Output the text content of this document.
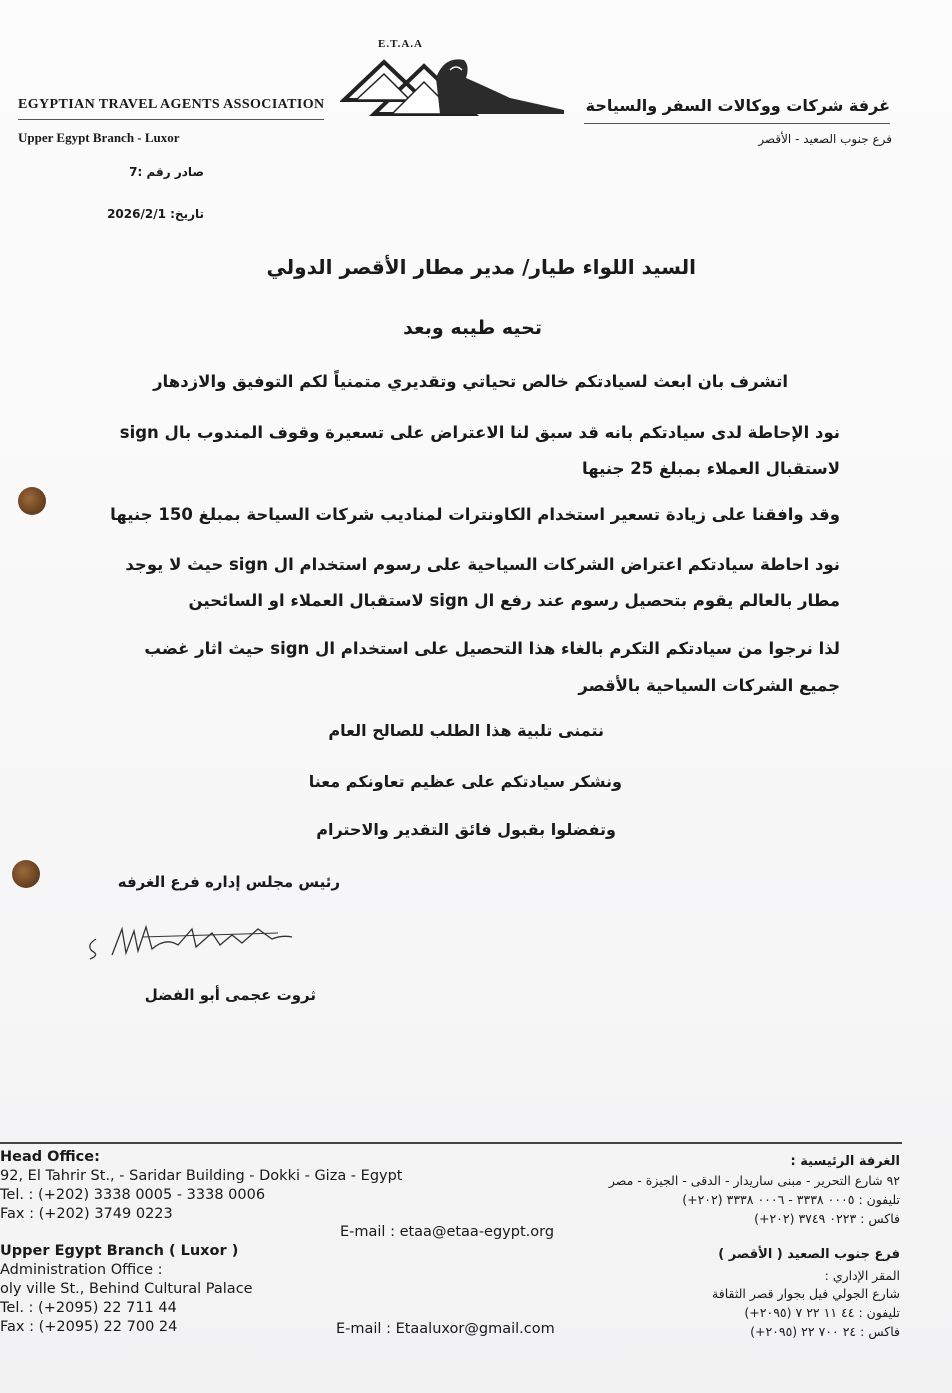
E.T.A.A
EGYPTIAN TRAVEL AGENTS ASSOCIATION
Upper Egypt Branch - Luxor
غرفة شركات ووكالات السفر والسياحة
فرع جنوب الصعيد - الأقصر
صادر رقم :7
تاريخ: 2026/2/1
السيد اللواء طيار/ مدير مطار الأقصر الدولي
تحيه طيبه وبعد
اتشرف بان ابعث لسيادتكم خالص تحياتي وتقديري متمنياً لكم التوفيق والازدهار
نود الإحاطة لدى سيادتكم بانه قد سبق لنا الاعتراض على تسعيرة وقوف المندوب بال sign
لاستقبال العملاء بمبلغ 25 جنيها
وقد وافقنا على زيادة تسعير استخدام الكاونترات لمناديب شركات السياحة بمبلغ 150 جنيها
نود احاطة سيادتكم اعتراض الشركات السياحية على رسوم استخدام ال sign حيث لا يوجد
مطار بالعالم يقوم بتحصيل رسوم عند رفع ال sign لاستقبال العملاء او السائحين
لذا نرجوا من سيادتكم التكرم بالغاء هذا التحصيل على استخدام ال sign حيث اثار غضب
جميع الشركات السياحية بالأقصر
نتمنى تلبية هذا الطلب للصالح العام
ونشكر سيادتكم على عظيم تعاونكم معنا
وتفضلوا بقبول فائق التقدير والاحترام
رئيس مجلس إداره فرع الغرفه
ثروت عجمى أبو الفضل
Head Office:
92, El Tahrir St., - Saridar Building - Dokki - Giza - Egypt
Tel. : (+202) 3338 0005 - 3338 0006
Fax : (+202) 3749 0223
E-mail : etaa@etaa-egypt.org
Upper Egypt Branch ( Luxor )
Administration Office :
oly ville St., Behind Cultural Palace
Tel. : (+2095) 22 711 44
Fax : (+2095) 22 700 24	E-mail : Etaaluxor@gmail.com
الغرفة الرئيسية :
٩٢ شارع التحرير - مبنى ساريدار - الدقى - الجيزة - مصر
تليفون : ٠٠٠٥ ٣٣٣٨ - ٠٠٠٦ ٣٣٣٨ (٢٠٢+)
فاكس : ٠٢٢٣ ٣٧٤٩ (٢٠٢+)
فرع جنوب الصعيد ( الأقصر )
المقر الإداري :
شارع الجولي فيل بجوار قصر الثقافة
تليفون : ٤٤ ١١ ٢٢ ٧ (٢٠٩٥+)
فاكس : ٢٤ ٧٠٠ ٢٢ (٢٠٩٥+)
